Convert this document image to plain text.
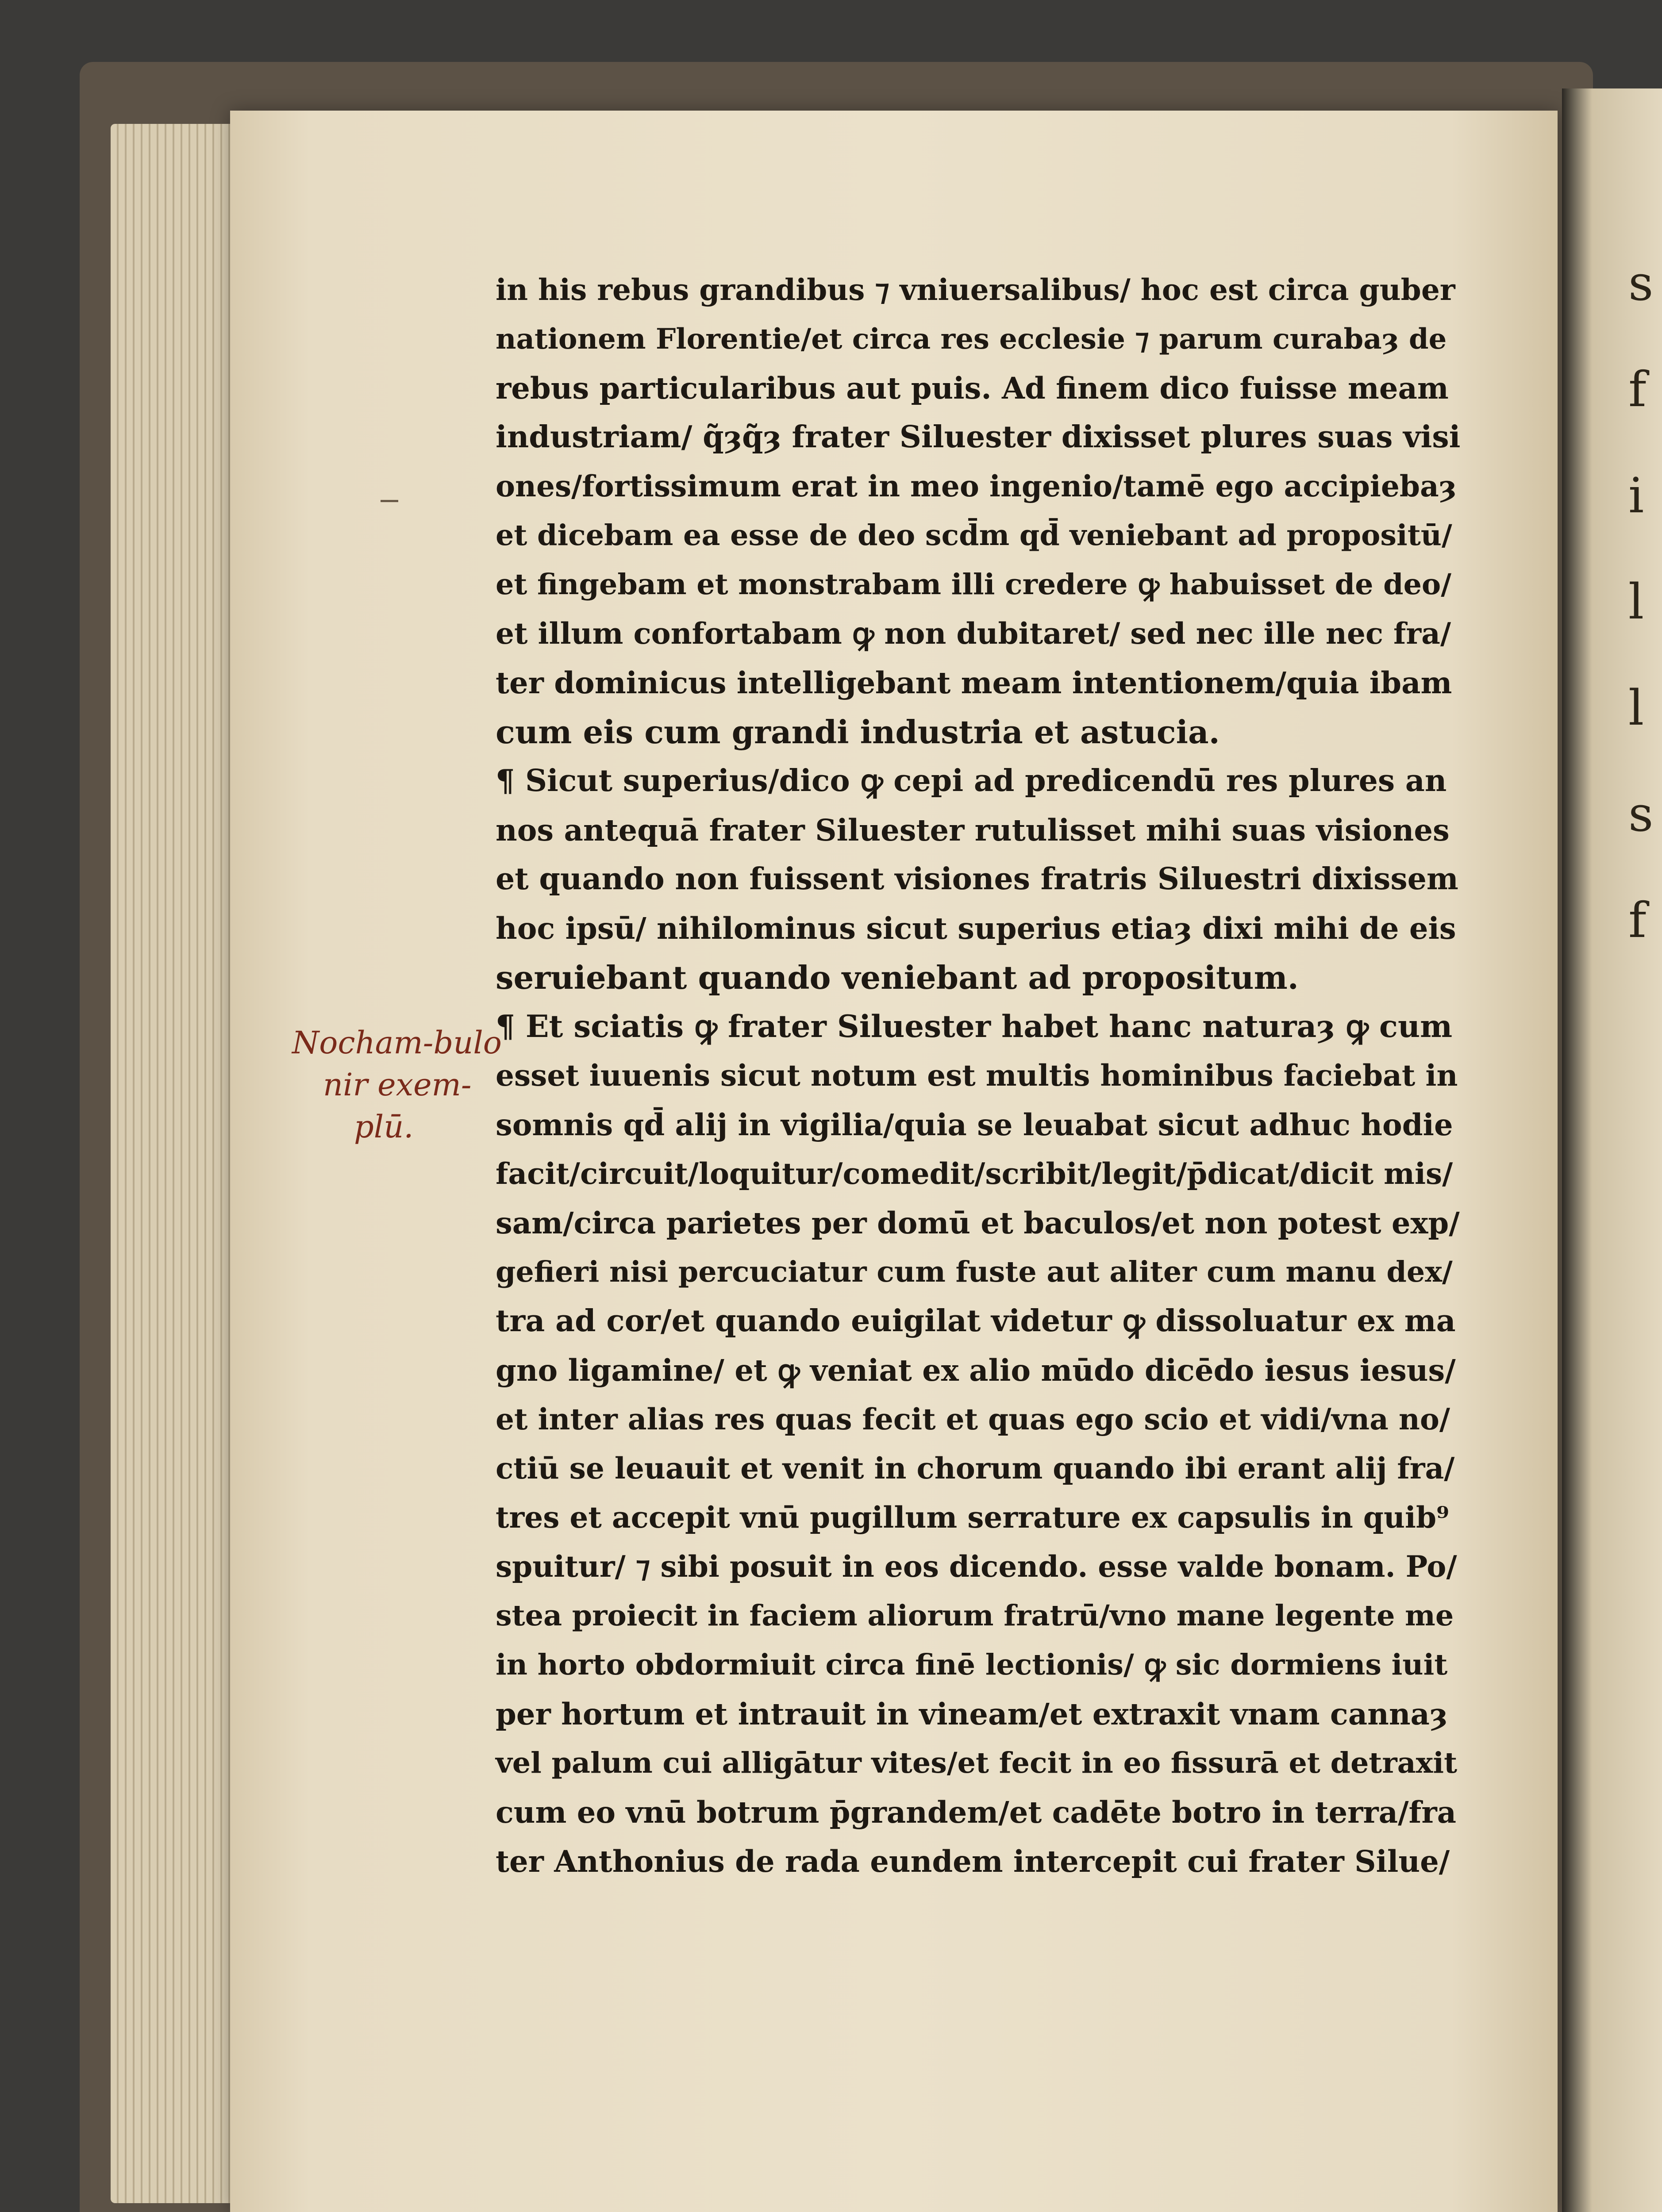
s
f
i
l
l
s
f
in his rebus grandibus ⁊ vniuersalibus/ hoc est circa guber
nationem Florentie/et circa res ecclesie ⁊ parum curabaȝ de
rebus particularibus aut puis. Ad finem dico fuisse meam
industriam/ q̃ȝq̃ȝ frater Siluester dixisset plures suas visi
ones/fortissimum erat in meo ingenio/tamē ego accipiebaȝ
et dicebam ea esse de deo scd̄m qd̄ veniebant ad propositū/
et fingebam et monstrabam illi credere ꝙ habuisset de deo/
et illum confortabam ꝙ non dubitaret/ sed nec ille nec fra/
ter dominicus intelligebant meam intentionem/quia ibam
cum eis cum grandi industria et astucia.
¶ Sicut superius/dico ꝙ cepi ad predicendū res plures an
nos antequā frater Siluester rutulisset mihi suas visiones
et quando non fuissent visiones fratris Siluestri dixissem
hoc ipsū/ nihilominus sicut superius etiaȝ dixi mihi de eis
seruiebant quando veniebant ad propositum.
¶ Et sciatis ꝙ frater Siluester habet hanc naturaȝ ꝙ cum
esset iuuenis sicut notum est multis hominibus faciebat in
somnis qd̄ alij in vigilia/quia se leuabat sicut adhuc hodie
facit/circuit/loquitur/comedit/scribit/legit/p̄dicat/dicit mis/
sam/circa parietes per domū et baculos/et non potest exp/
gefieri nisi percuciatur cum fuste aut aliter cum manu dex/
tra ad cor/et quando euigilat videtur ꝙ dissoluatur ex ma
gno ligamine/ et ꝙ veniat ex alio mūdo dicēdo iesus iesus/
et inter alias res quas fecit et quas ego scio et vidi/vna no/
ctiū se leuauit et venit in chorum quando ibi erant alij fra/
tres et accepit vnū pugillum serrature ex capsulis in quib⁹
spuitur/ ⁊ sibi posuit in eos dicendo. esse valde bonam. Po/
stea proiecit in faciem aliorum fratrū/vno mane legente me
in horto obdormiuit circa finē lectionis/ ꝙ sic dormiens iuit
per hortum et intrauit in vineam/et extraxit vnam cannaȝ
vel palum cui alligātur vites/et fecit in eo fissurā et detraxit
cum eo vnū botrum p̄grandem/et cadēte botro in terra/fra
ter Anthonius de rada eundem intercepit cui frater Silue/
Nocham-bulo
nir exem-
plū.
